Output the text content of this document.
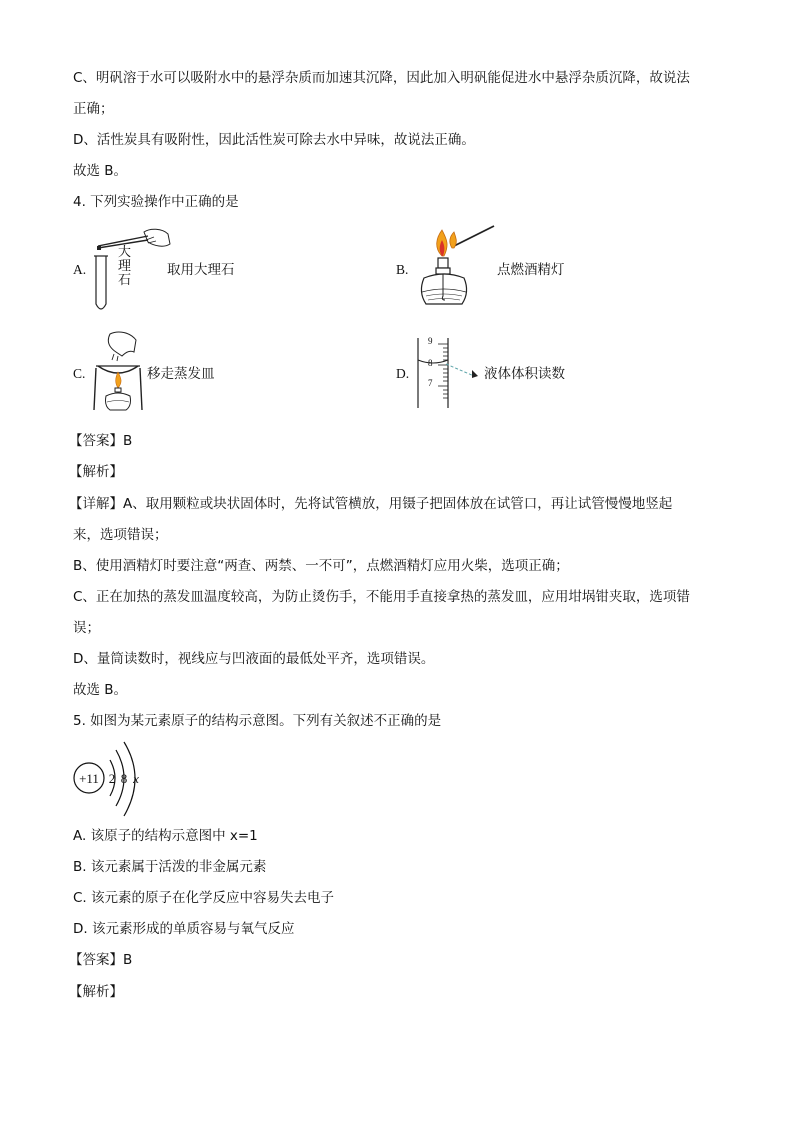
C、明矾溶于水可以吸附水中的悬浮杂质而加速其沉降，因此加入明矾能促进水中悬浮杂质沉降，故说法
正确；
D、活性炭具有吸附性，因此活性炭可除去水中异味，故说法正确。
故选 B。
4. 下列实验操作中正确的是
A.
大理石
取用大理石	B.	点燃酒精灯
C.	移走蒸发皿	D.
9
8
7
液体体积读数
【答案】B
【解析】
【详解】A、取用颗粒或块状固体时，先将试管横放，用镊子把固体放在试管口，再让试管慢慢地竖起
来，选项错误；
B、使用酒精灯时要注意“两查、两禁、一不可”，点燃酒精灯应用火柴，选项正确；
C、正在加热的蒸发皿温度较高，为防止烫伤手，不能用手直接拿热的蒸发皿，应用坩埚钳夹取，选项错
误；
D、量筒读数时，视线应与凹液面的最低处平齐，选项错误。
故选 B。
5. 如图为某元素原子的结构示意图。下列有关叙述不正确的是
+11 2 8 x
A. 该原子的结构示意图中 x=1
B. 该元素属于活泼的非金属元素
C. 该元素的原子在化学反应中容易失去电子
D. 该元素形成的单质容易与氧气反应
【答案】B
【解析】
